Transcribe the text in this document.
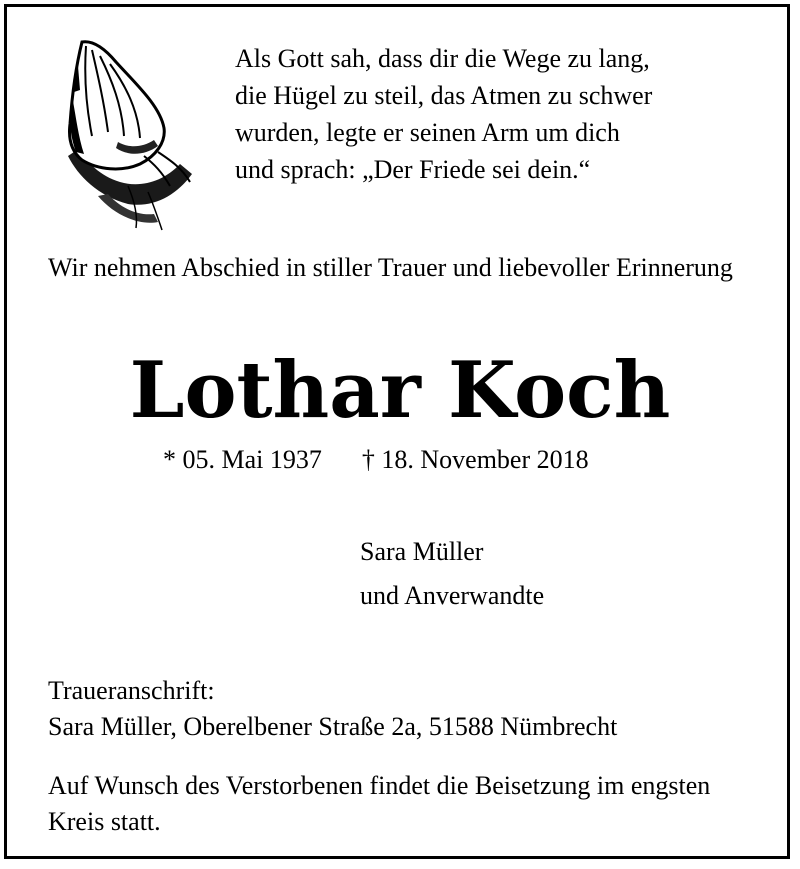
Als Gott sah, dass dir die Wege zu lang,
die Hügel zu steil, das Atmen zu schwer
wurden, legte er seinen Arm um dich
und sprach: „Der Friede sei dein.“
Wir nehmen Abschied in stiller Trauer und liebevoller Erinnerung
Lothar Koch
* 05. Mai 1937 † 18. November 2018
Sara Müller
und Anverwandte
Traueranschrift:
Sara Müller, Oberelbener Straße 2a, 51588 Nümbrecht
Auf Wunsch des Verstorbenen findet die Beisetzung im engsten Kreis statt.
